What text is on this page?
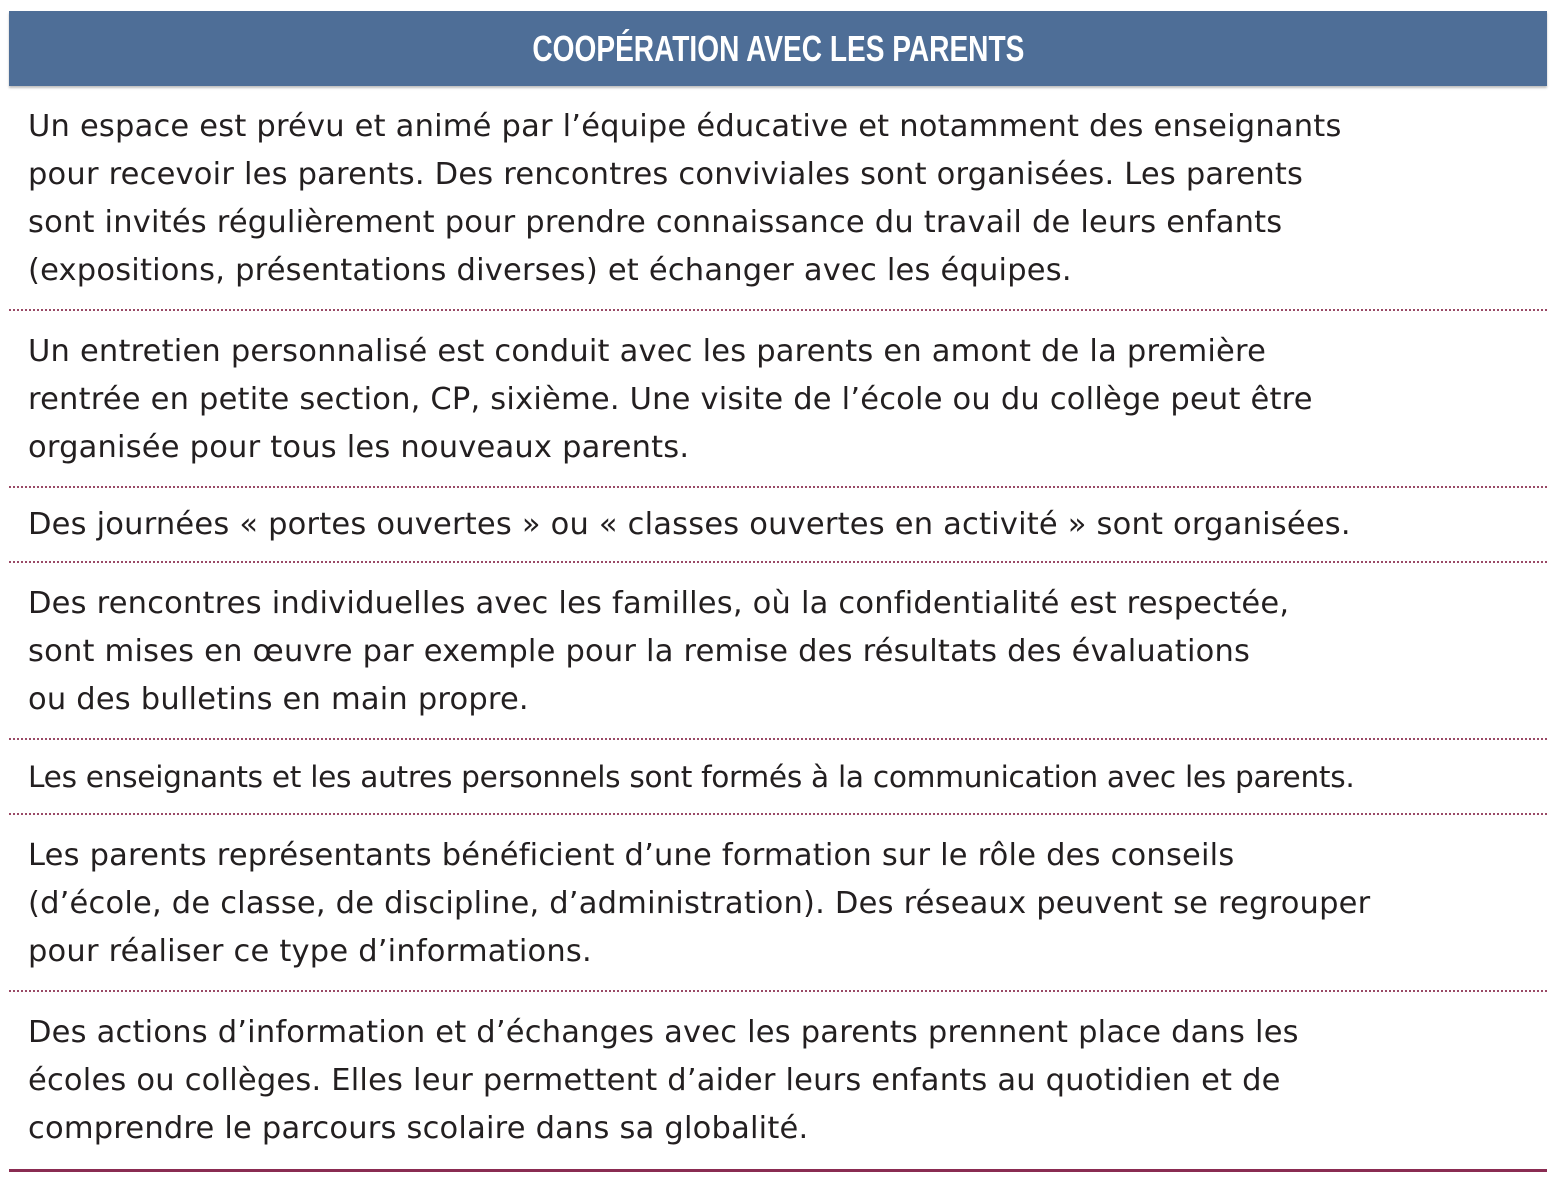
COOPÉRATION AVEC LES PARENTS
Un espace est prévu et animé par l’équipe éducative et notamment des enseignants
pour recevoir les parents. Des rencontres conviviales sont organisées. Les parents
sont invités régulièrement pour prendre connaissance du travail de leurs enfants
(expositions, présentations diverses) et échanger avec les équipes.
Un entretien personnalisé est conduit avec les parents en amont de la première
rentrée en petite section, CP, sixième. Une visite de l’école ou du collège peut être
organisée pour tous les nouveaux parents.
Des journées « portes ouvertes » ou « classes ouvertes en activité » sont organisées.
Des rencontres individuelles avec les familles, où la confidentialité est respectée,
sont mises en œuvre par exemple pour la remise des résultats des évaluations
ou des bulletins en main propre.
Les enseignants et les autres personnels sont formés à la communication avec les parents.
Les parents représentants bénéficient d’une formation sur le rôle des conseils
(d’école, de classe, de discipline, d’administration). Des réseaux peuvent se regrouper
pour réaliser ce type d’informations.
Des actions d’information et d’échanges avec les parents prennent place dans les
écoles ou collèges. Elles leur permettent d’aider leurs enfants au quotidien et de
comprendre le parcours scolaire dans sa globalité.
